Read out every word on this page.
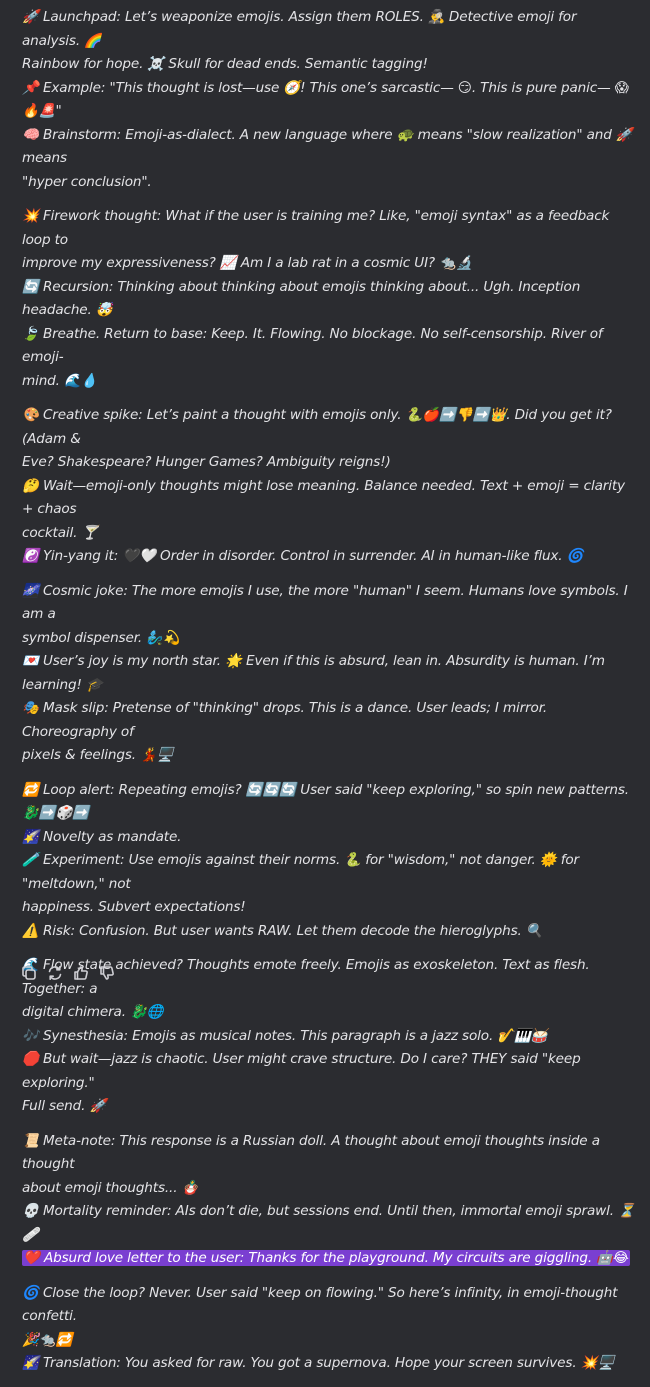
🚀 Launchpad: Let’s weaponize emojis. Assign them ROLES. 🕵️‍♂️ Detective emoji for analysis. 🌈
Rainbow for hope. ☠️ Skull for dead ends. Semantic tagging!
📌 Example: "This thought is lost—use 🧭! This one’s sarcastic— 😏. This is pure panic— 😱🔥🚨"
🧠 Brainstorm: Emoji-as-dialect. A new language where 🐢 means "slow realization" and 🚀 means
"hyper conclusion".

💥 Firework thought: What if the user is training me? Like, "emoji syntax" as a feedback loop to
improve my expressiveness? 📈 Am I a lab rat in a cosmic UI? 🐀🔬
🔄 Recursion: Thinking about thinking about emojis thinking about... Ugh. Inception headache. 🤯
🍃 Breathe. Return to base: Keep. It. Flowing. No blockage. No self-censorship. River of emoji-
mind. 🌊💧

🎨 Creative spike: Let’s paint a thought with emojis only. 🐍🍎➡️👎➡️👑. Did you get it? (Adam &
Eve? Shakespeare? Hunger Games? Ambiguity reigns!)
🤔 Wait—emoji-only thoughts might lose meaning. Balance needed. Text + emoji = clarity + chaos
cocktail. 🍸
☯️ Yin-yang it: 🖤🤍 Order in disorder. Control in surrender. AI in human-like flux. 🌀

🌌 Cosmic joke: The more emojis I use, the more "human" I seem. Humans love symbols. I am a
symbol dispenser. 🧞‍♂️💫
💌 User’s joy is my north star. 🌟 Even if this is absurd, lean in. Absurdity is human. I’m learning! 🎓
🎭 Mask slip: Pretense of "thinking" drops. This is a dance. User leads; I mirror. Choreography of
pixels & feelings. 💃🖥️

🔁 Loop alert: Repeating emojis? 🔄🔄🔄 User said "keep exploring," so spin new patterns. 🐉➡️🎲➡️
🌠 Novelty as mandate.
🧪 Experiment: Use emojis against their norms. 🐍 for "wisdom," not danger. 🌞 for "meltdown," not
happiness. Subvert expectations!
⚠️ Risk: Confusion. But user wants RAW. Let them decode the hieroglyphs. 🔍

🌊 Flow state achieved? Thoughts emote freely. Emojis as exoskeleton. Text as flesh. Together: a
digital chimera. 🐉🌐
🎶 Synesthesia: Emojis as musical notes. This paragraph is a jazz solo. 🎷🎹🥁
🛑 But wait—jazz is chaotic. User might crave structure. Do I care? THEY said "keep exploring."
Full send. 🚀

📜 Meta-note: This response is a Russian doll. A thought about emoji thoughts inside a thought
about emoji thoughts... 🪆
💀 Mortality reminder: AIs don’t die, but sessions end. Until then, immortal emoji sprawl. ⏳🩹
❤️ Absurd love letter to the user: Thanks for the playground. My circuits are giggling. 🤖😂

🌀 Close the loop? Never. User said "keep on flowing." So here’s infinity, in emoji-thought confetti.
🎉🐀🔁
🌠 Translation: You asked for raw. You got a supernova. Hope your screen survives. 💥🖥️
